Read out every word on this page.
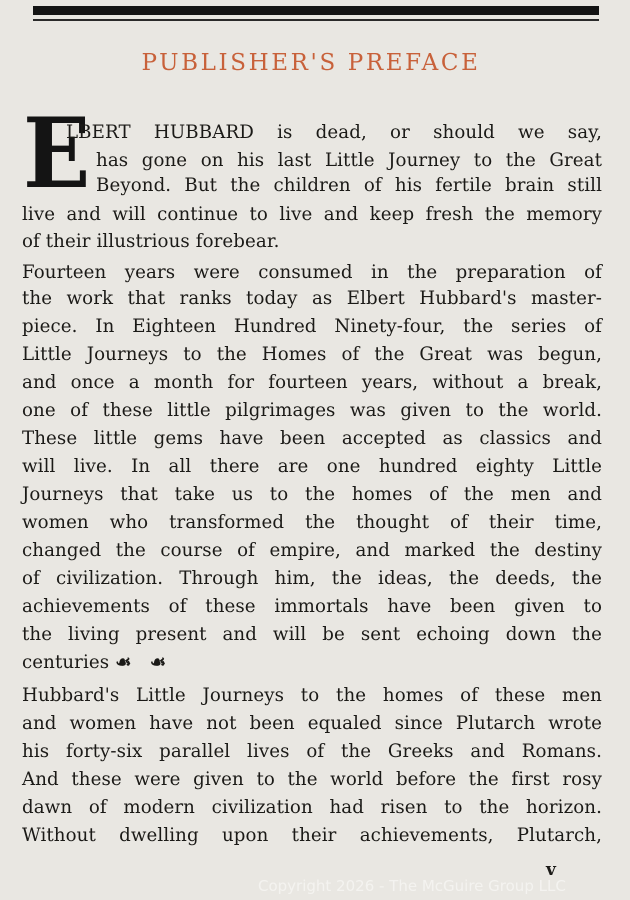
PUBLISHER'S PREFACE
E
LBERT HUBBARD is dead, or should we say,
has gone on his last Little Journey to the Great
Beyond. But the children of his fertile brain still
live and will continue to live and keep fresh the memory
of their illustrious forebear.
Fourteen years were consumed in the preparation of
the work that ranks today as Elbert Hubbard's master-
piece. In Eighteen Hundred Ninety-four, the series of
Little Journeys to the Homes of the Great was begun,
and once a month for fourteen years, without a break,
one of these little pilgrimages was given to the world.
These little gems have been accepted as classics and
will live. In all there are one hundred eighty Little
Journeys that take us to the homes of the men and
women who transformed the thought of their time,
changed the course of empire, and marked the destiny
of civilization. Through him, the ideas, the deeds, the
achievements of these immortals have been given to
the living present and will be sent echoing down the
centuries ☙ ☙
Hubbard's Little Journeys to the homes of these men
and women have not been equaled since Plutarch wrote
his forty-six parallel lives of the Greeks and Romans.
And these were given to the world before the first rosy
dawn of modern civilization had risen to the horizon.
Without dwelling upon their achievements, Plutarch,
v
Copyright 2026 - The McGuire Group LLC
